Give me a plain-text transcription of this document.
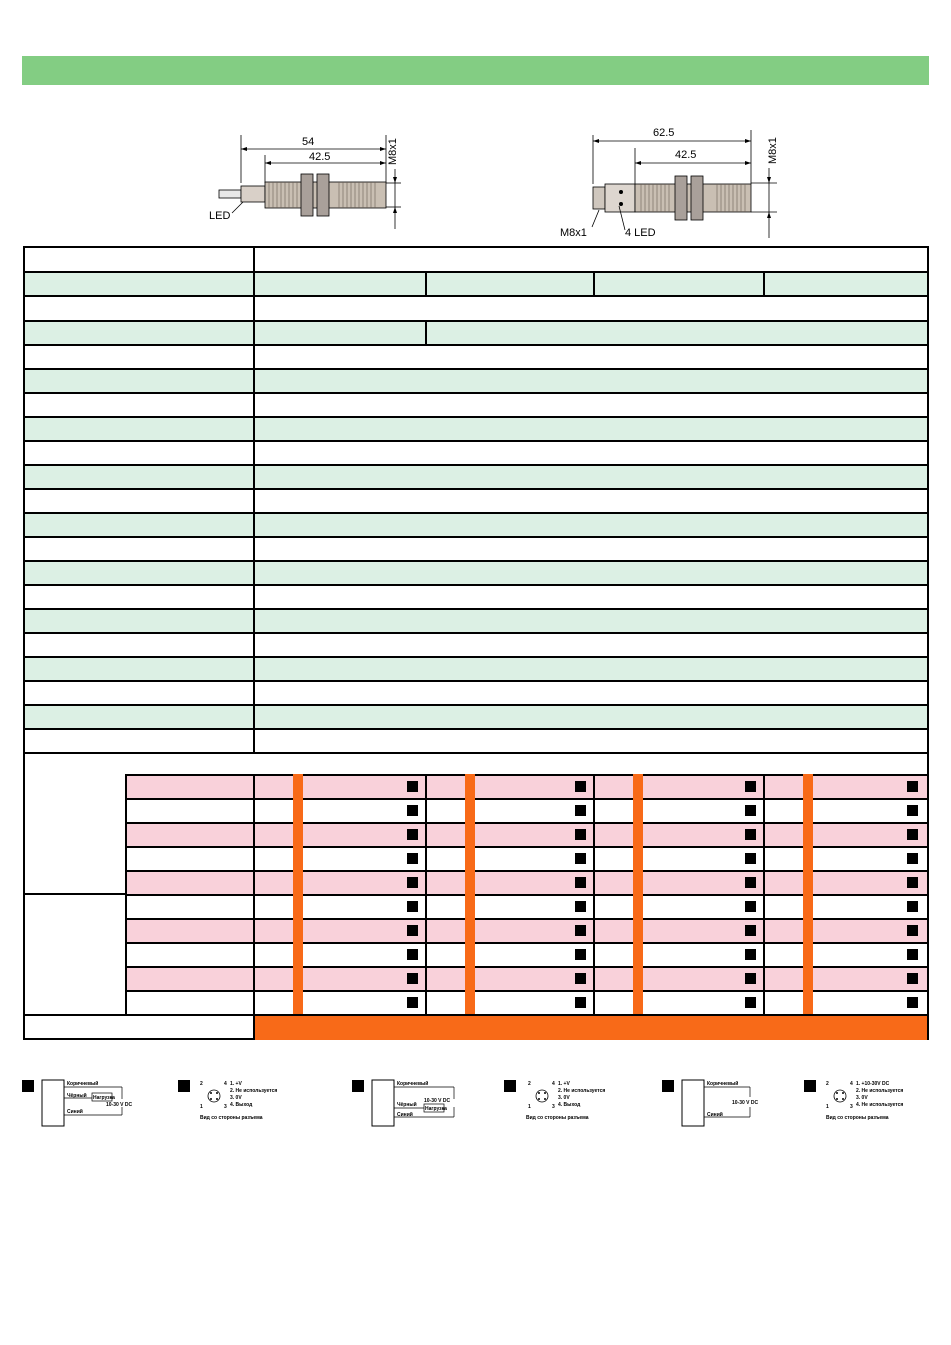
54
42.5	M8x1
LED
62.5
42.5	M8x1
M8x1	4 LED
Коричневый
Чёрный
Синий
Нагрузка
10-30 V DC
2	4
1	3
1. +V
2. Не используется
3. 0V
4. Выход
Вид со стороны разъема
Коричневый
Чёрный
Синий
Нагрузка
10-30 V DC
2	4
1	3
1. +V
2. Не используется
3. 0V
4. Выход
Вид со стороны разъема
Коричневый
Синий
10-30 V DC
2	4
1	3
1. +10-30V DC
2. Не используется
3. 0V
4. Не используется
Вид со стороны разъема
